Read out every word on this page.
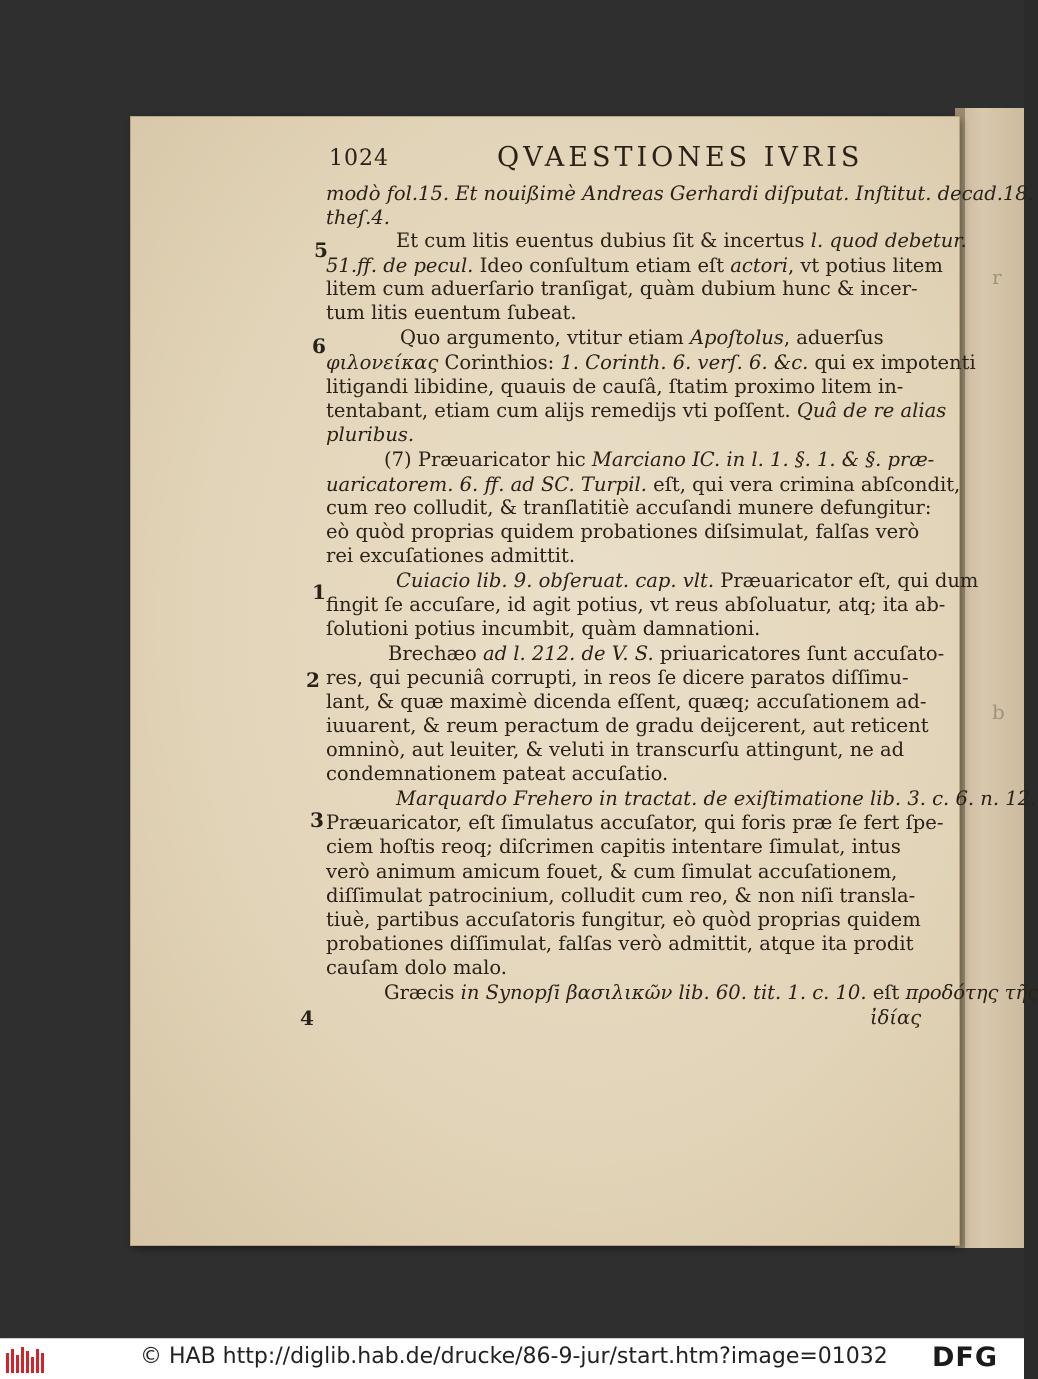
r
b
1024	QVAESTIONES IVRIS
modò fol.15. Et nouißimè Andreas Gerhardi diſputat. Inſtitut. decad.18.
theſ.4.
Et cum litis euentus dubius ſit & incertus l. quod debetur.
51.ff. de pecul. Ideo conſultum etiam eſt actori, vt potius litem
litem cum aduerſario tranſigat, quàm dubium hunc & incer-
tum litis euentum ſubeat.
Quo argumento, vtitur etiam Apoſtolus, aduerſus
φιλονείκας Corinthios: 1. Corinth. 6. verſ. 6. &c. qui ex impotenti
litigandi libidine, quauis de cauſâ, ſtatim proximo litem in-
tentabant, etiam cum alijs remedijs vti poſſent. Quâ de re alias
pluribus.
(7) Præuaricator hic Marciano IC. in l. 1. §. 1. & §. præ-
uaricatorem. 6. ff. ad SC. Turpil. eſt, qui vera crimina abſcondit,
cum reo colludit, & tranſlatitiè accuſandi munere defungitur:
eò quòd proprias quidem probationes diſsimulat, falſas verò
rei excuſationes admittit.
Cuiacio lib. 9. obſeruat. cap. vlt. Præuaricator eſt, qui dum
fingit ſe accuſare, id agit potius, vt reus abſoluatur, atq; ita ab-
ſolutioni potius incumbit, quàm damnationi.
Brechæo ad l. 212. de V. S. priuaricatores ſunt accuſato-
res, qui pecuniâ corrupti, in reos ſe dicere paratos diſſimu-
lant, & quæ maximè dicenda eſſent, quæq; accuſationem ad-
iuuarent, & reum peractum de gradu deijcerent, aut reticent
omninò, aut leuiter, & veluti in transcurſu attingunt, ne ad
condemnationem pateat accuſatio.
Marquardo Frehero in tractat. de exiſtimatione lib. 3. c. 6. n. 12.
Præuaricator, eſt ſimulatus accuſator, qui foris præ ſe fert ſpe-
ciem hoſtis reoq; diſcrimen capitis intentare ſimulat, intus
verò animum amicum fouet, & cum ſimulat accuſationem,
diſſimulat patrocinium, colludit cum reo, & non niſi transla-
tiuè, partibus accuſatoris fungitur, eò quòd proprias quidem
probationes diſſimulat, falſas verò admittit, atque ita prodit
cauſam dolo malo.
Græcis in Synopſi βασιλικῶν lib. 60. tit. 1. c. 10. eſt προδότης τῆς
ἰδίας
5
6
1
2
3
4
© HAB http://diglib.hab.de/drucke/86-9-jur/start.htm?image=01032 DFG
